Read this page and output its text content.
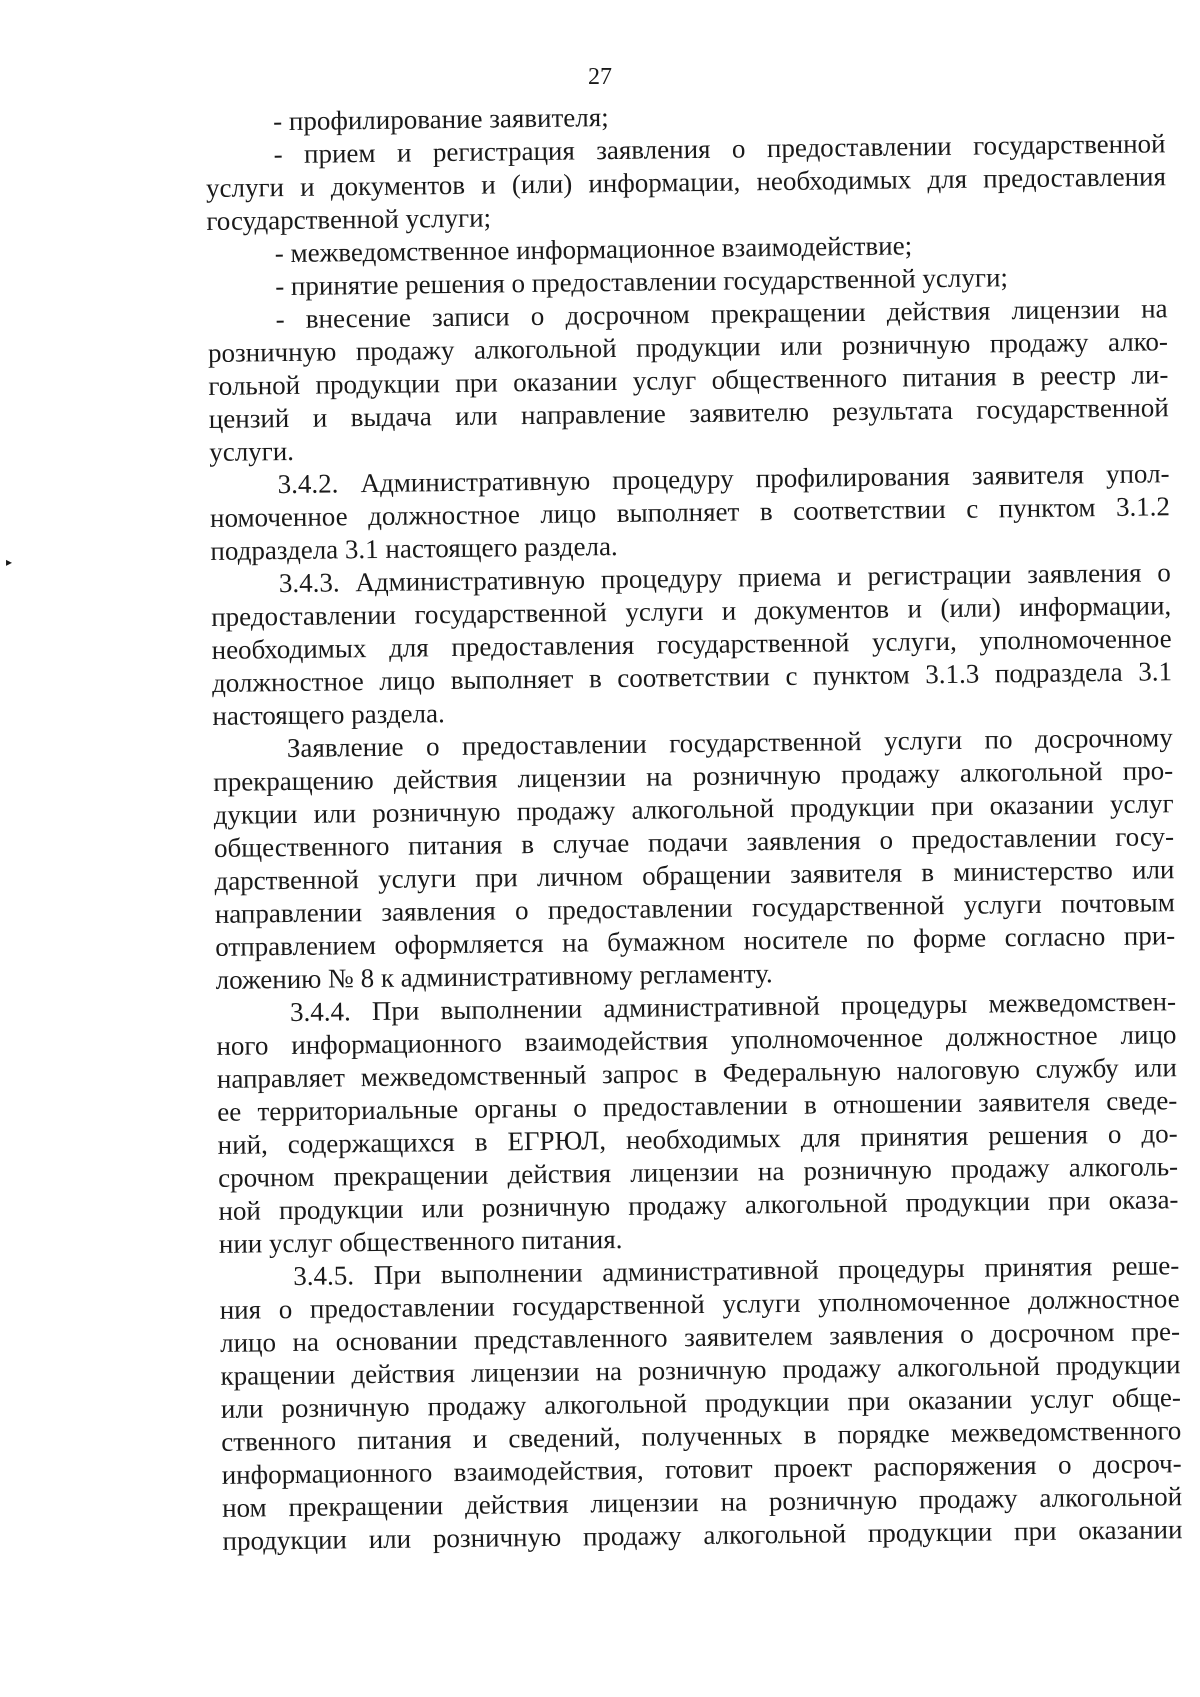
27
▸
- профилирование заявителя;
- прием и регистрация заявления о предоставлении государственной
услуги и документов и (или) информации, необходимых для предоставления
государственной услуги;
- межведомственное информационное взаимодействие;
- принятие решения о предоставлении государственной услуги;
- внесение записи о досрочном прекращении действия лицензии на
розничную продажу алкогольной продукции или розничную продажу алко-
гольной продукции при оказании услуг общественного питания в реестр ли-
цензий и выдача или направление заявителю результата государственной
услуги.
3.4.2. Административную процедуру профилирования заявителя упол-
номоченное должностное лицо выполняет в соответствии с пунктом 3.1.2
подраздела 3.1 настоящего раздела.
3.4.3. Административную процедуру приема и регистрации заявления о
предоставлении государственной услуги и документов и (или) информации,
необходимых для предоставления государственной услуги, уполномоченное
должностное лицо выполняет в соответствии с пунктом 3.1.3 подраздела 3.1
настоящего раздела.
Заявление о предоставлении государственной услуги по досрочному
прекращению действия лицензии на розничную продажу алкогольной про-
дукции или розничную продажу алкогольной продукции при оказании услуг
общественного питания в случае подачи заявления о предоставлении госу-
дарственной услуги при личном обращении заявителя в министерство или
направлении заявления о предоставлении государственной услуги почтовым
отправлением оформляется на бумажном носителе по форме согласно при-
ложению № 8 к административному регламенту.
3.4.4. При выполнении административной процедуры межведомствен-
ного информационного взаимодействия уполномоченное должностное лицо
направляет межведомственный запрос в Федеральную налоговую службу или
ее территориальные органы о предоставлении в отношении заявителя сведе-
ний, содержащихся в ЕГРЮЛ, необходимых для принятия решения о до-
срочном прекращении действия лицензии на розничную продажу алкоголь-
ной продукции или розничную продажу алкогольной продукции при оказа-
нии услуг общественного питания.
3.4.5. При выполнении административной процедуры принятия реше-
ния о предоставлении государственной услуги уполномоченное должностное
лицо на основании представленного заявителем заявления о досрочном пре-
кращении действия лицензии на розничную продажу алкогольной продукции
или розничную продажу алкогольной продукции при оказании услуг обще-
ственного питания и сведений, полученных в порядке межведомственного
информационного взаимодействия, готовит проект распоряжения о досроч-
ном прекращении действия лицензии на розничную продажу алкогольной
продукции или розничную продажу алкогольной продукции при оказании
